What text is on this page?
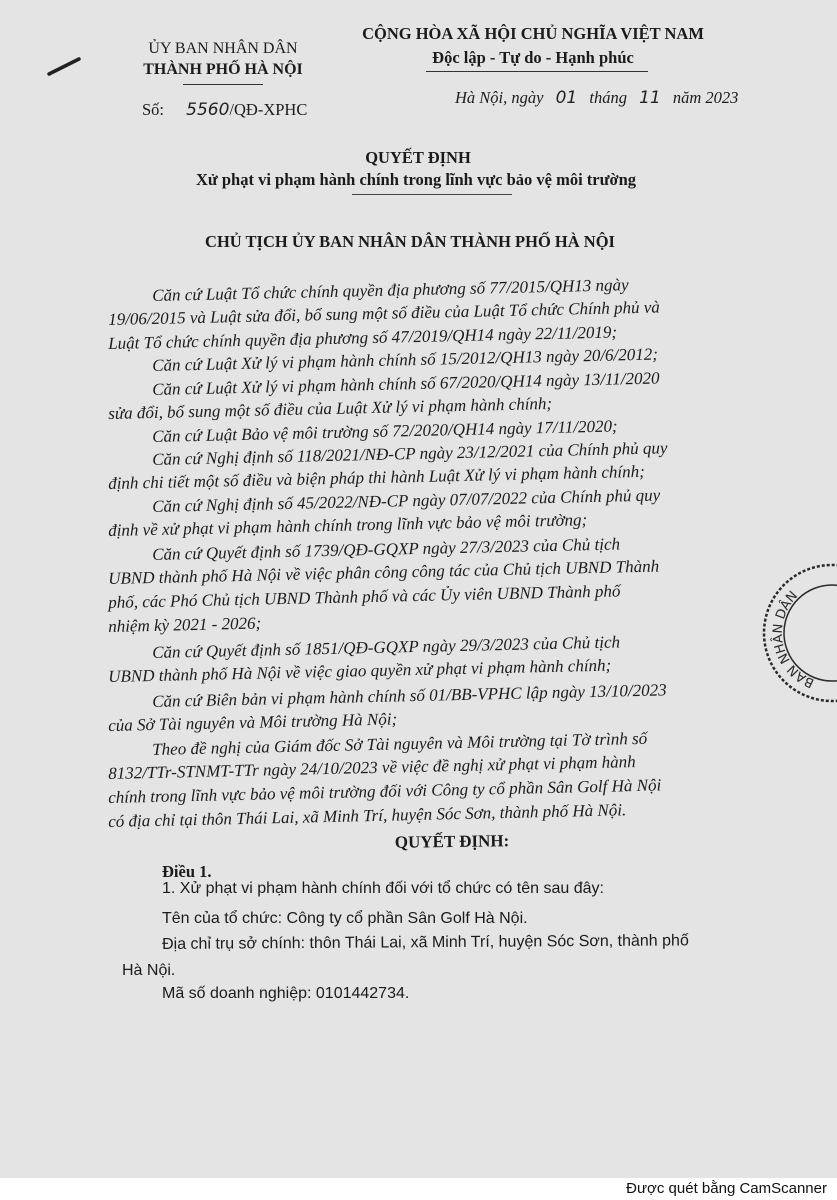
ỦY BAN NHÂN DÂN
THÀNH PHỐ HÀ NỘI
Số: 5560/QĐ-XPHC
CỘNG HÒA XÃ HỘI CHỦ NGHĨA VIỆT NAM
Độc lập - Tự do - Hạnh phúc
Hà Nội, ngày 01 tháng 11 năm 2023
QUYẾT ĐỊNH
Xử phạt vi phạm hành chính trong lĩnh vực bảo vệ môi trường
CHỦ TỊCH ỦY BAN NHÂN DÂN THÀNH PHỐ HÀ NỘI
Căn cứ Luật Tổ chức chính quyền địa phương số 77/2015/QH13 ngày
19/06/2015 và Luật sửa đổi, bổ sung một số điều của Luật Tổ chức Chính phủ và
Luật Tổ chức chính quyền địa phương số 47/2019/QH14 ngày 22/11/2019;
Căn cứ Luật Xử lý vi phạm hành chính số 15/2012/QH13 ngày 20/6/2012;
Căn cứ Luật Xử lý vi phạm hành chính số 67/2020/QH14 ngày 13/11/2020
sửa đổi, bổ sung một số điều của Luật Xử lý vi phạm hành chính;
Căn cứ Luật Bảo vệ môi trường số 72/2020/QH14 ngày 17/11/2020;
Căn cứ Nghị định số 118/2021/NĐ-CP ngày 23/12/2021 của Chính phủ quy
định chi tiết một số điều và biện pháp thi hành Luật Xử lý vi phạm hành chính;
Căn cứ Nghị định số 45/2022/NĐ-CP ngày 07/07/2022 của Chính phủ quy
định về xử phạt vi phạm hành chính trong lĩnh vực bảo vệ môi trường;
Căn cứ Quyết định số 1739/QĐ-GQXP ngày 27/3/2023 của Chủ tịch
UBND thành phố Hà Nội về việc phân công công tác của Chủ tịch UBND Thành
phố, các Phó Chủ tịch UBND Thành phố và các Ủy viên UBND Thành phố
nhiệm kỳ 2021 - 2026;
Căn cứ Quyết định số 1851/QĐ-GQXP ngày 29/3/2023 của Chủ tịch
UBND thành phố Hà Nội về việc giao quyền xử phạt vi phạm hành chính;
Căn cứ Biên bản vi phạm hành chính số 01/BB-VPHC lập ngày 13/10/2023
của Sở Tài nguyên và Môi trường Hà Nội;
Theo đề nghị của Giám đốc Sở Tài nguyên và Môi trường tại Tờ trình số
8132/TTr-STNMT-TTr ngày 24/10/2023 về việc đề nghị xử phạt vi phạm hành
chính trong lĩnh vực bảo vệ môi trường đối với Công ty cổ phần Sân Golf Hà Nội
có địa chỉ tại thôn Thái Lai, xã Minh Trí, huyện Sóc Sơn, thành phố Hà Nội.
QUYẾT ĐỊNH:
Điều 1.
1. Xử phạt vi phạm hành chính đối với tổ chức có tên sau đây:
Tên của tổ chức: Công ty cổ phần Sân Golf Hà Nội.
Địa chỉ trụ sở chính: thôn Thái Lai, xã Minh Trí, huyện Sóc Sơn, thành phố
Hà Nội.
Mã số doanh nghiệp: 0101442734.
BAN NHÂN DÂN
Được quét bằng CamScanner
